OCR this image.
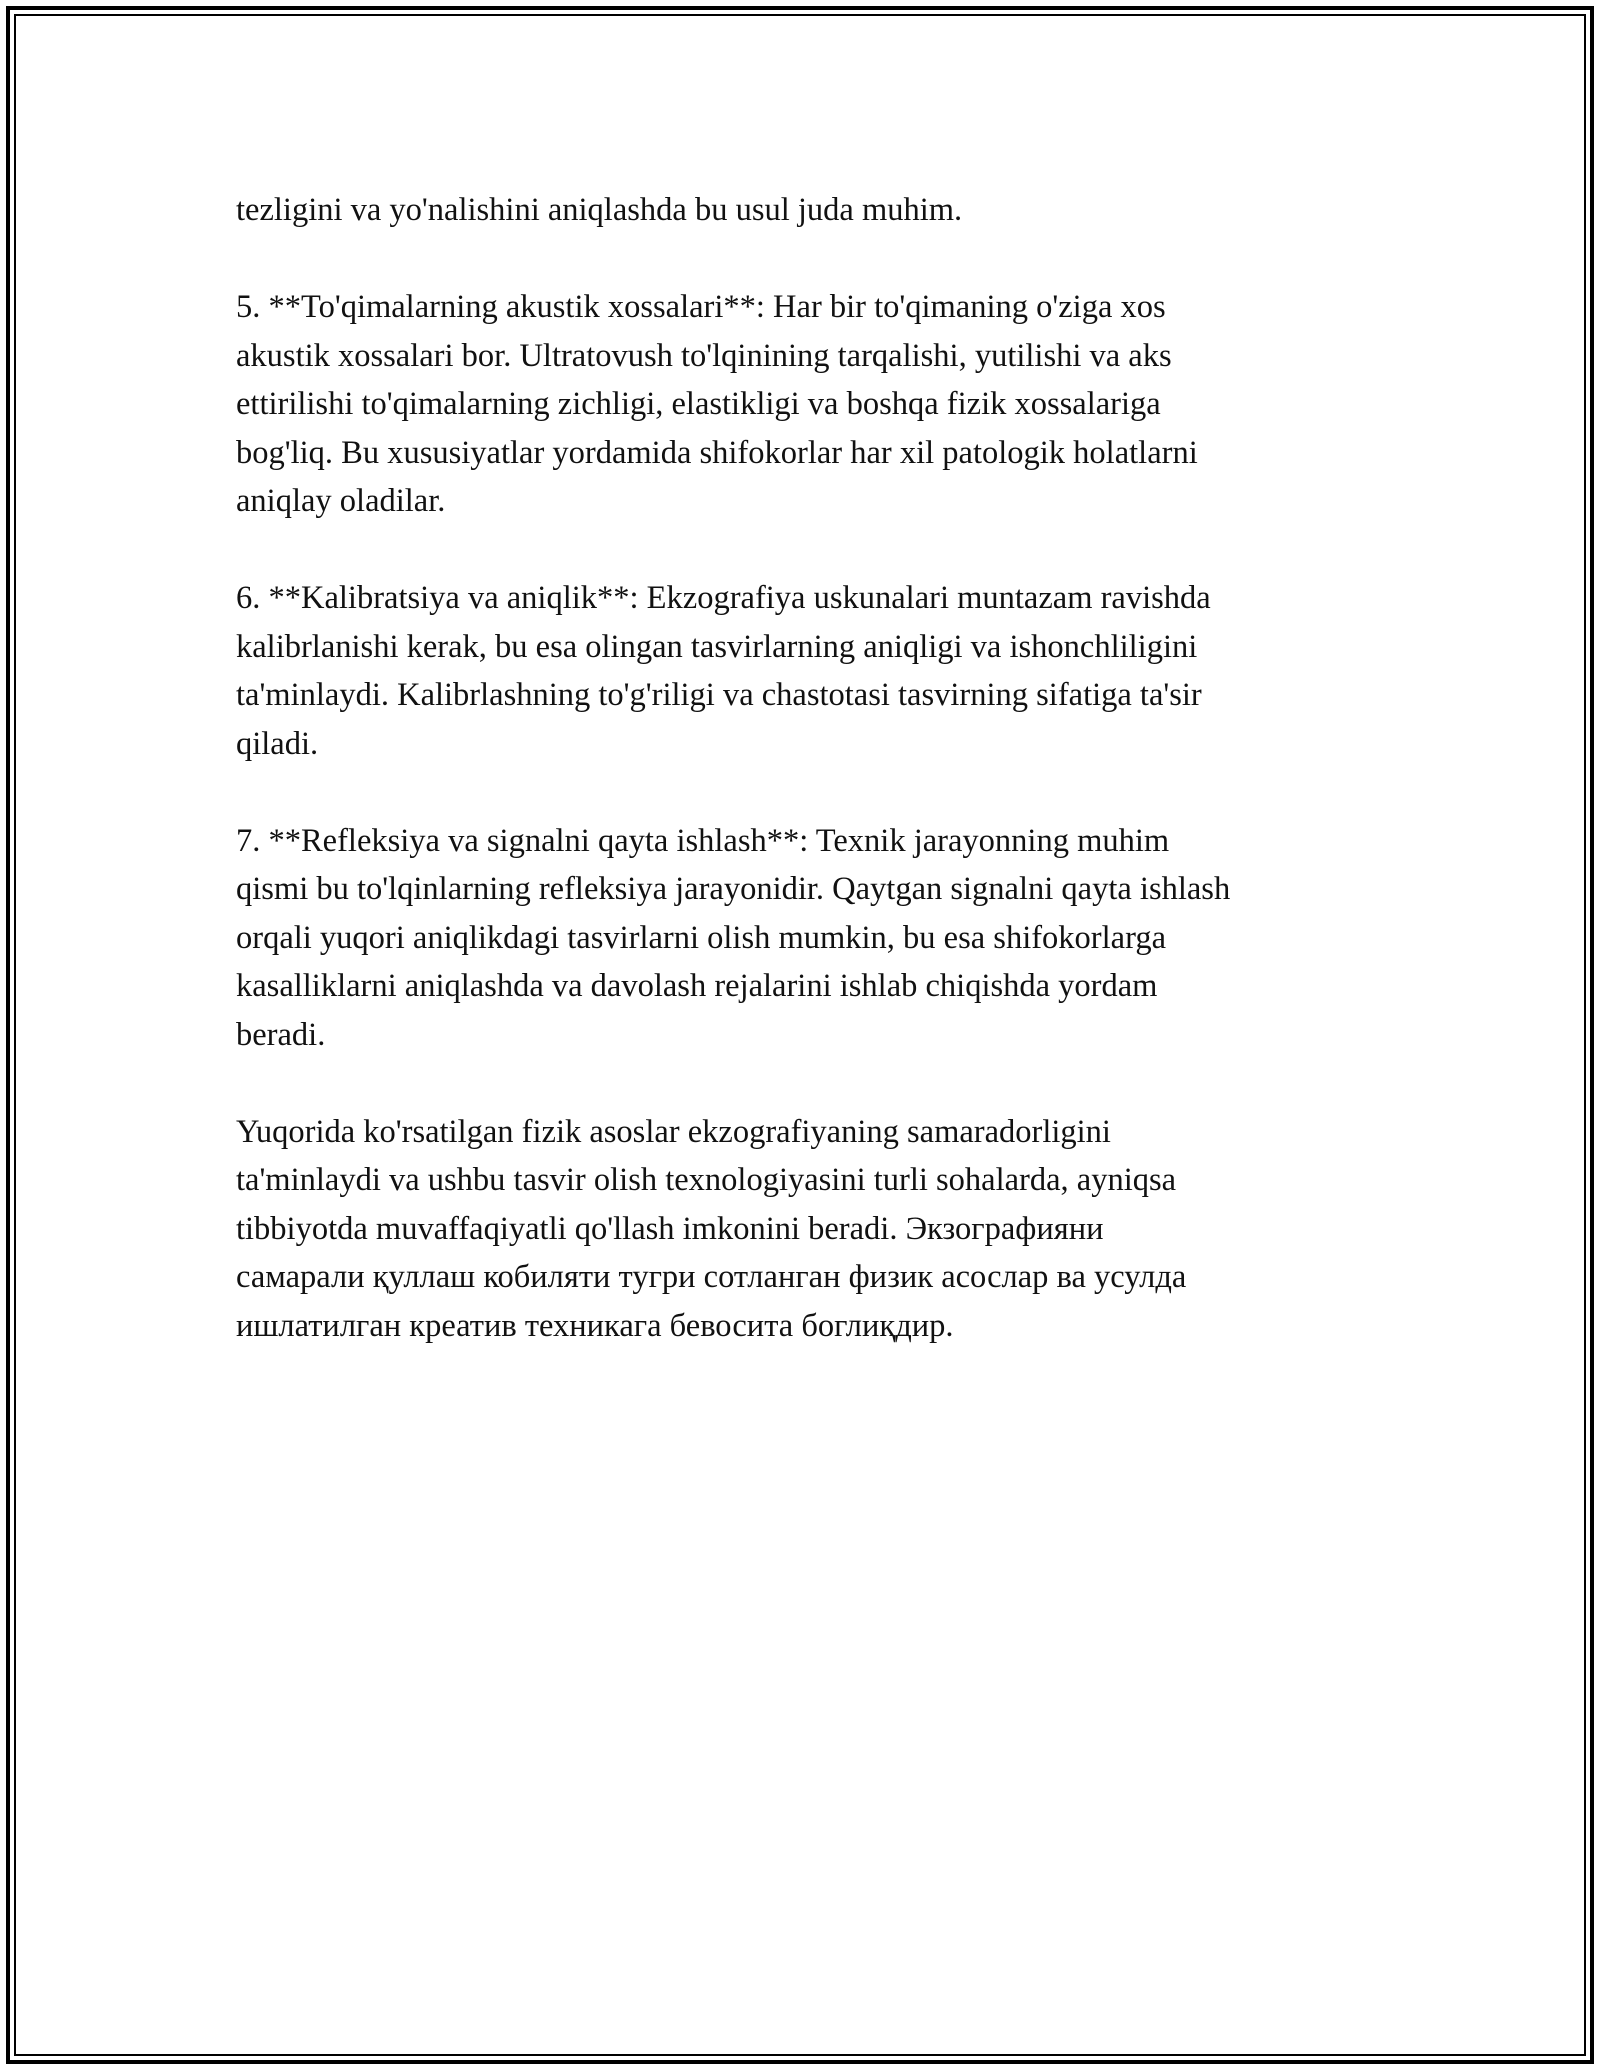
tezligini va yo'nalishini aniqlashda bu usul juda muhim.

5. **To'qimalarning akustik xossalari**: Har bir to'qimaning o'ziga xos
akustik xossalari bor. Ultratovush to'lqinining tarqalishi, yutilishi va aks
ettirilishi to'qimalarning zichligi, elastikligi va boshqa fizik xossalariga
bog'liq. Bu xususiyatlar yordamida shifokorlar har xil patologik holatlarni
aniqlay oladilar.

6. **Kalibratsiya va aniqlik**: Ekzografiya uskunalari muntazam ravishda
kalibrlanishi kerak, bu esa olingan tasvirlarning aniqligi va ishonchliligini
ta'minlaydi. Kalibrlashning to'g'riligi va chastotasi tasvirning sifatiga ta'sir
qiladi.

7. **Refleksiya va signalni qayta ishlash**: Texnik jarayonning muhim
qismi bu to'lqinlarning refleksiya jarayonidir. Qaytgan signalni qayta ishlash
orqali yuqori aniqlikdagi tasvirlarni olish mumkin, bu esa shifokorlarga
kasalliklarni aniqlashda va davolash rejalarini ishlab chiqishda yordam
beradi.

Yuqorida ko'rsatilgan fizik asoslar ekzografiyaning samaradorligini
ta'minlaydi va ushbu tasvir olish texnologiyasini turli sohalarda, ayniqsa
tibbiyotda muvaffaqiyatli qo'llash imkonini beradi. Экзографияни
самарали қуллаш кобиляти тугри сотланган физик асослар ва усулда
ишлатилган креатив техникага бевосита боглиқдир.
